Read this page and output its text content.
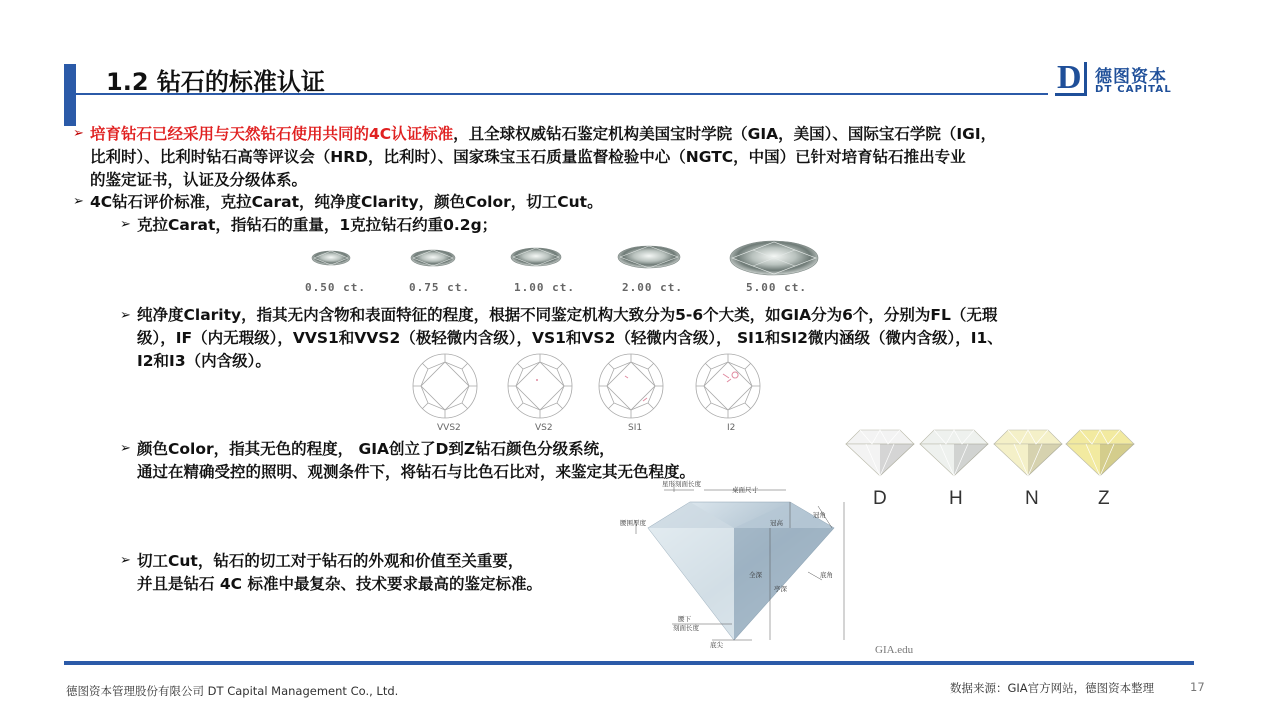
1.2 钻石的标准认证	D 德图资本
DT CAPITAL
➢ 培育钻石已经采用与天然钻石使用共同的4C认证标准，且全球权威钻石鉴定机构美国宝时学院（GIA，美国）、国际宝石学院（IGI，
比利时）、比利时钻石高等评议会（HRD，比利时）、国家珠宝玉石质量监督检验中心（NGTC，中国）已针对培育钻石推出专业
的鉴定证书，认证及分级体系。
➢ 4C钻石评价标准，克拉Carat，纯净度Clarity，颜色Color，切工Cut。
➢ 克拉Carat，指钻石的重量，1克拉钻石约重0.2g；
0.50 ct.	0.75 ct.	1.00 ct.	2.00 ct.	5.00 ct.
➢ 纯净度Clarity，指其无内含物和表面特征的程度，根据不同鉴定机构大致分为5-6个大类，如GIA分为6个，分别为FL（无瑕
级），IF（内无瑕级），VVS1和VVS2（极轻微内含级），VS1和VS2（轻微内含级）， SI1和SI2微内涵级（微内含级），I1、
I2和I3（内含级）。
VVS2	VS2	SI1	I2
➢ 颜色Color，指其无色的程度， GIA创立了D到Z钻石颜色分级系统，
通过在精确受控的照明、观测条件下，将钻石与比色石比对，来鉴定其无色程度。
D	H	N	Z
➢ 切工Cut，钻石的切工对于钻石的外观和价值至关重要，
并且是钻石 4C 标准中最复杂、技术要求最高的鉴定标准。
星形刻面长度
桌面尺寸
腰围厚度	冠高
冠角
全深
亭深
底角
腰下
刻面长度
底尖	GIA.edu
德图资本管理股份有限公司 DT Capital Management Co., Ltd.	数据来源：GIA官方网站，德图资本整理	17
